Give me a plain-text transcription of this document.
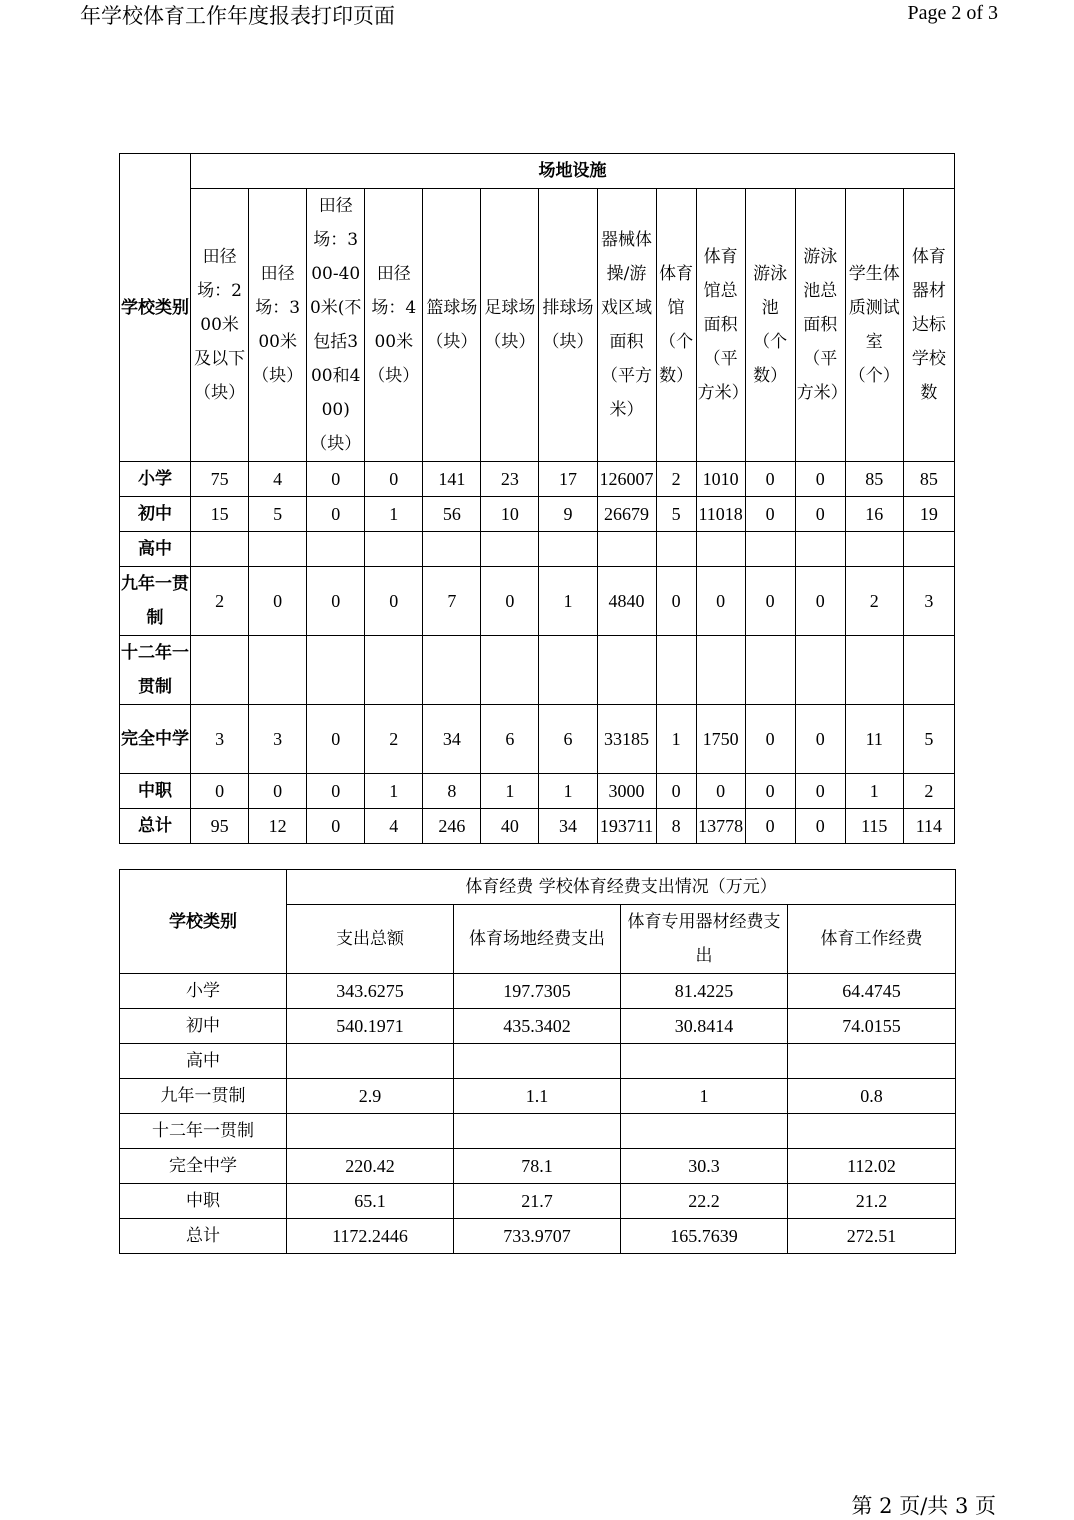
年学校体育工作年度报表打印页面	Page 2 of 3
学校类别	场地设施													

	田径场：200米及以下（块）	田径场：300米（块）	田径场：300-400米(不包括300和400)（块）	田径场：400米（块）	篮球场（块）	足球场（块）	排球场（块）	器械体操/游戏区域面积（平方米）	体育馆（个数）	体育馆总面积（平方米）	游泳池（个数）	游泳池总面积（平方米）	学生体质测试室（个）	体育器材达标学校数

小学	75	4	0	0	141	23	17	126007	2	1010	0	0	85	85

初中	15	5	0	1	56	10	9	26679	5	11018	0	0	16	19

高中														

九年一贯制	2	0	0	0	7	0	1	4840	0	0	0	0	2	3

十二年一贯制														

完全中学	3	3	0	2	34	6	6	33185	1	1750	0	0	11	5

中职	0	0	0	1	8	1	1	3000	0	0	0	0	1	2

总计	95	12	0	4	246	40	34	193711	8	13778	0	0	115	114
学校类别	体育经费 学校体育经费支出情况（万元）			
	支出总额	体育场地经费支出	体育专用器材经费支出	体育工作经费
小学	343.6275	197.7305	81.4225	64.4745
初中	540.1971	435.3402	30.8414	74.0155
高中				
九年一贯制	2.9	1.1	1	0.8
十二年一贯制				
完全中学	220.42	78.1	30.3	112.02
中职	65.1	21.7	22.2	21.2
总计	1172.2446	733.9707	165.7639	272.51
第 2 页/共 3 页
